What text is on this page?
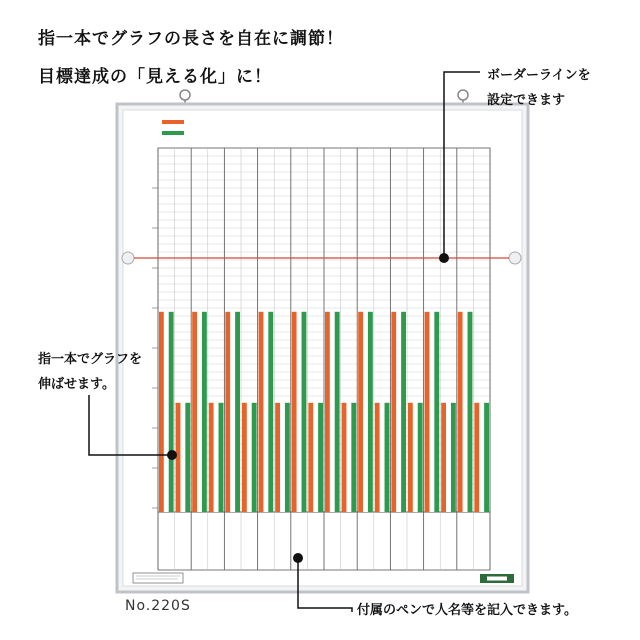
指一本でグラフの長さを自在に調節！
目標達成の「見える化」に！	ボーダーラインを
設定できます
指一本でグラフを
伸ばせます。
付属のペンで人名等を記入できます。
No.220S
